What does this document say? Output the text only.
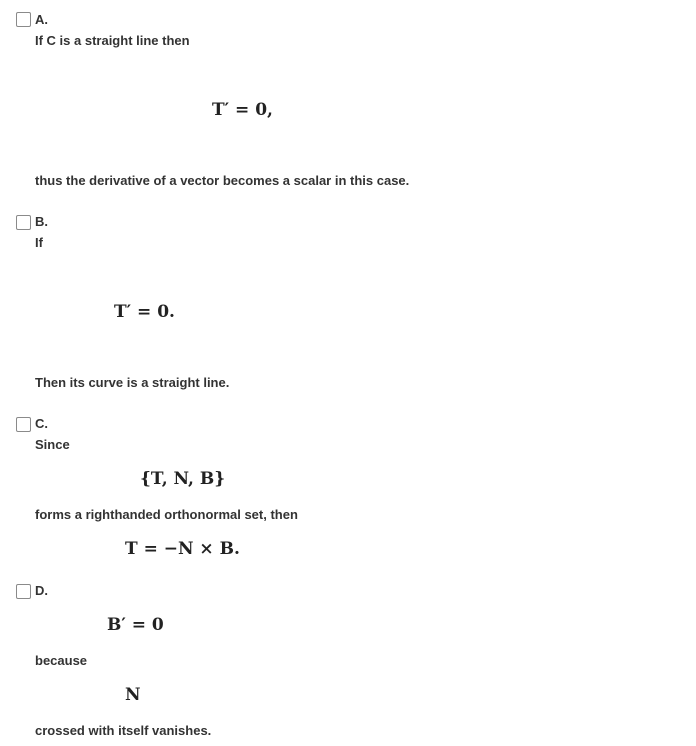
A.
If C is a straight line then
T′ = 0,
thus the derivative of a vector becomes a scalar in this case.
B.
If
T′ = 0.
Then its curve is a straight line.
C.
Since
{T, N, B}
forms a righthanded orthonormal set, then
T = −N × B.
D.
B′ = 0
because
N
crossed with itself vanishes.
